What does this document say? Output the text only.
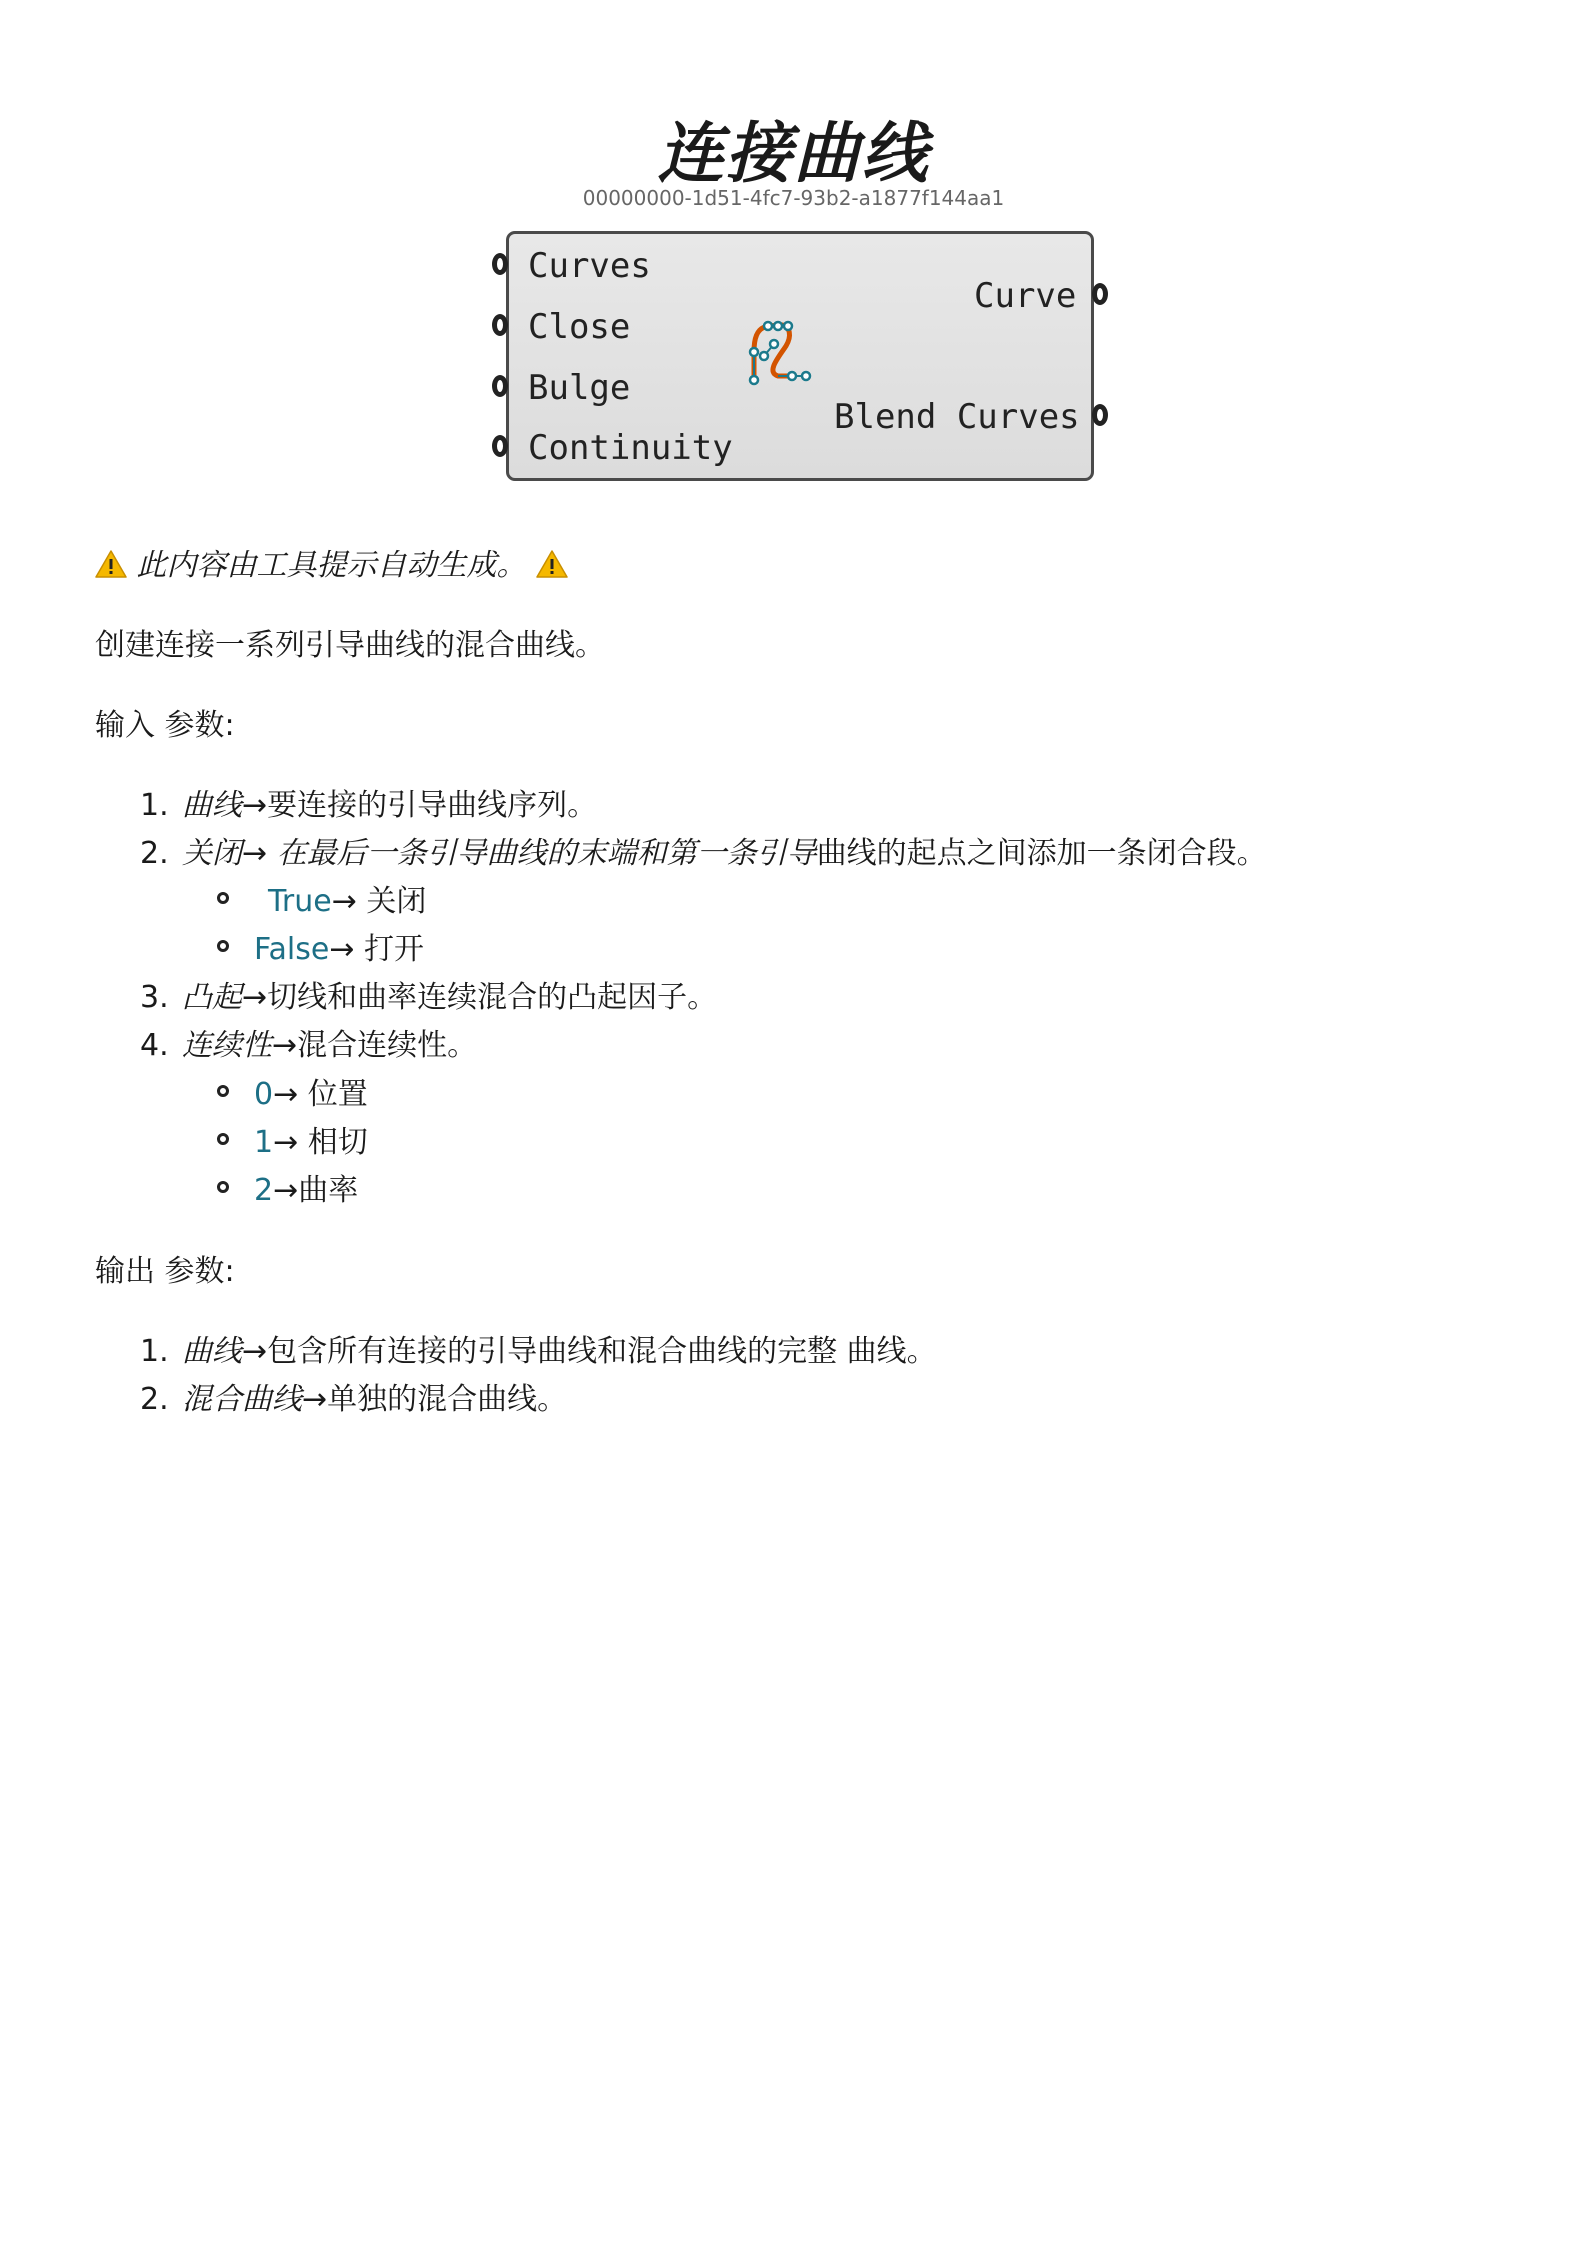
连接曲线
00000000-1d51-4fc7-93b2-a1877f144aa1
Curves
Close
Bulge
Continuity
Curve
Blend Curves
此内容由工具提示自动生成。
创建连接一系列引导曲线的混合曲线。
输入 参数:
1. 曲线→要连接的引导曲线序列。
2. 关闭→ 在最后一条引导曲线的末端和第一条引导曲线的起点之间添加一条闭合段。
True→ 关闭
False→ 打开
3. 凸起→切线和曲率连续混合的凸起因子。
4. 连续性→混合连续性。
0→ 位置
1→ 相切
2→曲率
输出 参数:
1. 曲线→包含所有连接的引导曲线和混合曲线的完整 曲线。
2. 混合曲线→单独的混合曲线。
